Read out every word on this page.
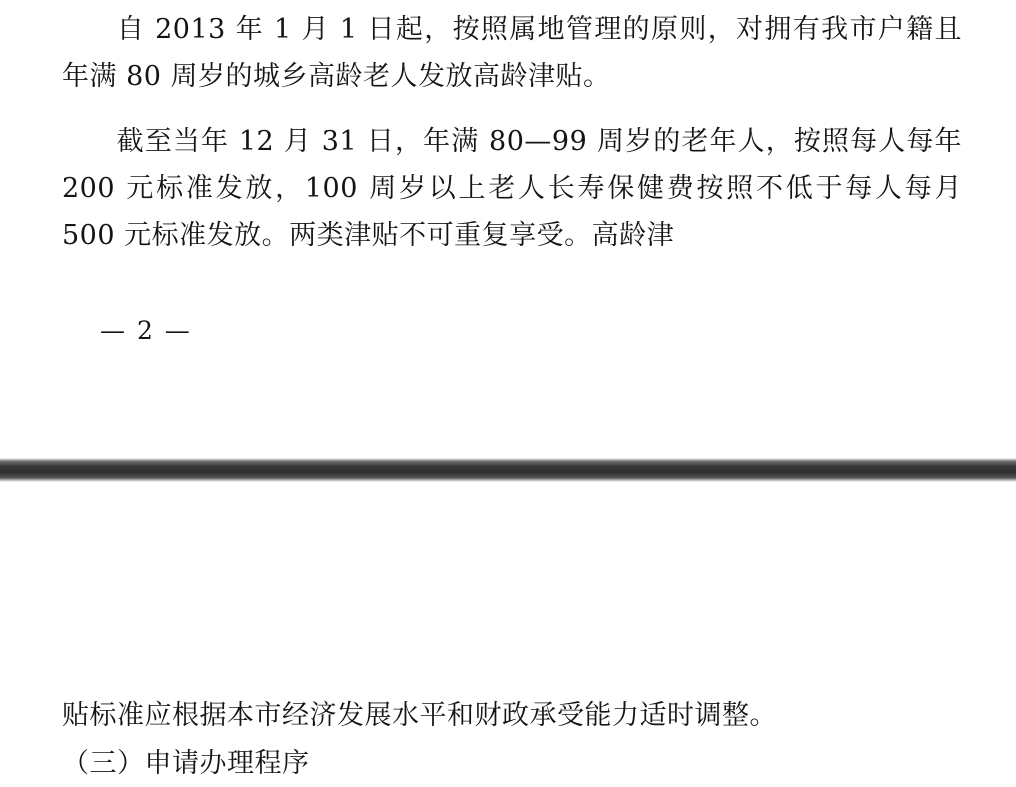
自 2013 年 1 月 1 日起，按照属地管理的原则，对拥有我市户籍且年满 80 周岁的城乡高龄老人发放高龄津贴。
截至当年 12 月 31 日，年满 80—99 周岁的老年人，按照每人每年 200 元标准发放，100 周岁以上老人长寿保健费按照不低于每人每月 500 元标准发放。两类津贴不可重复享受。高龄津
— 2 —
贴标准应根据本市经济发展水平和财政承受能力适时调整。
（三）申请办理程序
